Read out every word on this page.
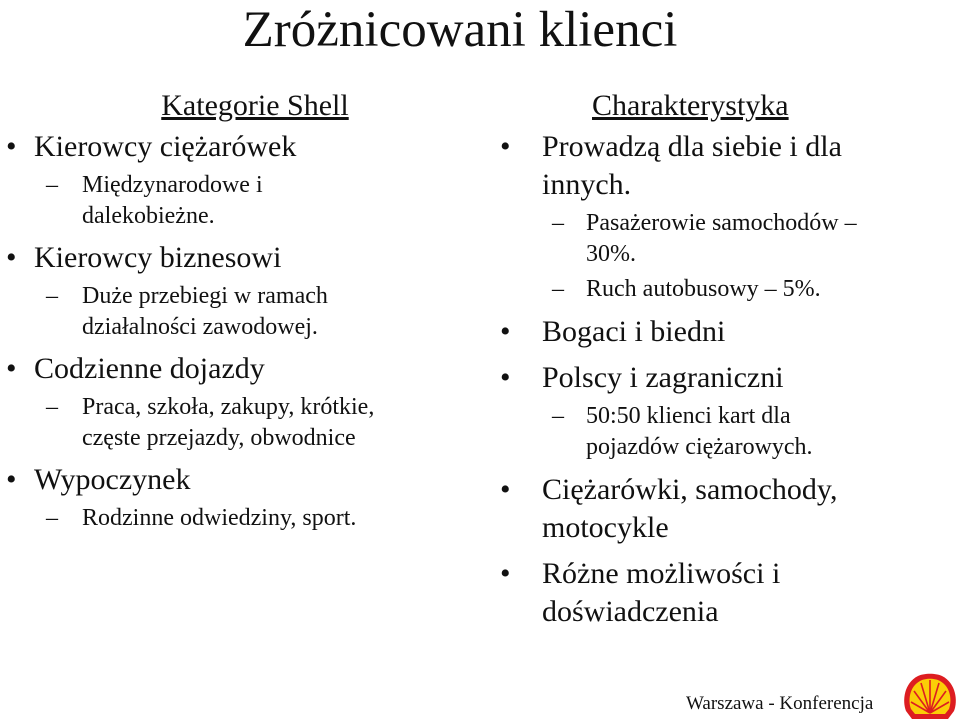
Zróżnicowani klienci
Kategorie Shell
• Kierowcy ciężarówek
–	Międzynarodowe i dalekobieżne.
• Kierowcy biznesowi
–	Duże przebiegi w ramach działalności zawodowej.
• Codzienne dojazdy
–	Praca, szkoła, zakupy, krótkie, częste przejazdy, obwodnice
• Wypoczynek
–	Rodzinne odwiedziny, sport.
Charakterystyka
•	Prowadzą dla siebie i dla innych.
– Pasażerowie samochodów –30%.
– Ruch autobusowy – 5%.
•	Bogaci i biedni
•	Polscy i zagraniczni
– 50:50 klienci kart dla pojazdów ciężarowych.
•	Ciężarówki, samochody, motocykle
•	Różne możliwości i doświadczenia
Warszawa - Konferencja
